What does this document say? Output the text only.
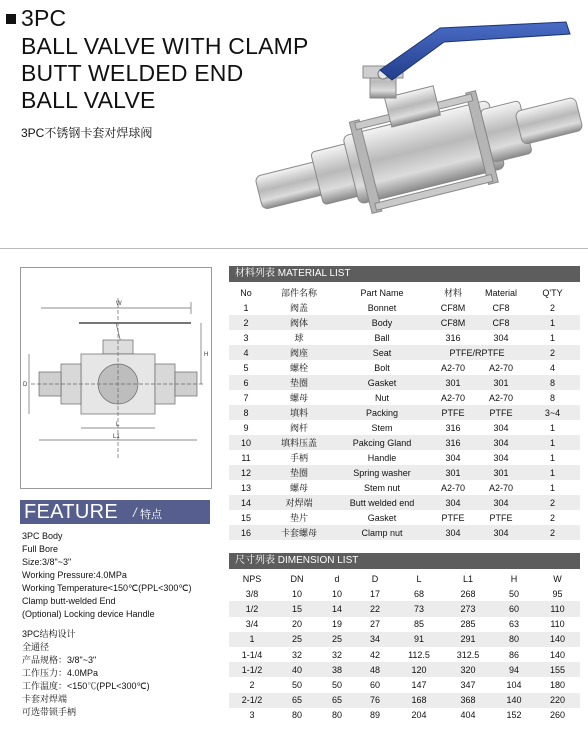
3PC
BALL VALVE WITH CLAMP
BUTT WELDED END
BALL VALVE
3PC不锈钢卡套对焊球阀
W
H
L1
L
D
FEATURE / 特点
3PC Body
Full Bore
Size:3/8"~3"
Working Pressure:4.0MPa
Working Temperature<150℃(PPL<300℃)
Clamp butt-welded End
(Optional) Locking device Handle
3PC结构设计
全通径
产品规格：3/8"~3"
工作压力：4.0MPa
工作温度：<150℃(PPL<300℃)
卡套对焊端
可选带锁手柄
材料列表 MATERIAL LIST
No	部件名称	Part Name	材料	Material	Q'TY
1	阀盖	Bonnet	CF8M	CF8	2
2	阀体	Body	CF8M	CF8	1
3	球	Ball	316	304	1
4	阀座	Seat	PTFE/RPTFE		2
5	螺栓	Bolt	A2-70	A2-70	4
6	垫圈	Gasket	301	301	8
7	螺母	Nut	A2-70	A2-70	8
8	填料	Packing	PTFE	PTFE	3~4
9	阀杆	Stem	316	304	1
10	填料压盖	Pakcing Gland	316	304	1
11	手柄	Handle	304	304	1
12	垫圈	Spring washer	301	301	1
13	螺母	Stem nut	A2-70	A2-70	1
14	对焊端	Butt welded end	304	304	2
15	垫片	Gasket	PTFE	PTFE	2
16	卡套螺母	Clamp nut	304	304	2
尺寸列表 DIMENSION LIST
NPS	DN	d	D	L	L1	H	W
3/8	10	10	17	68	268	50	95
1/2	15	14	22	73	273	60	110
3/4	20	19	27	85	285	63	110
1	25	25	34	91	291	80	140
1-1/4	32	32	42	112.5	312.5	86	140
1-1/2	40	38	48	120	320	94	155
2	50	50	60	147	347	104	180
2-1/2	65	65	76	168	368	140	220
3	80	80	89	204	404	152	260
